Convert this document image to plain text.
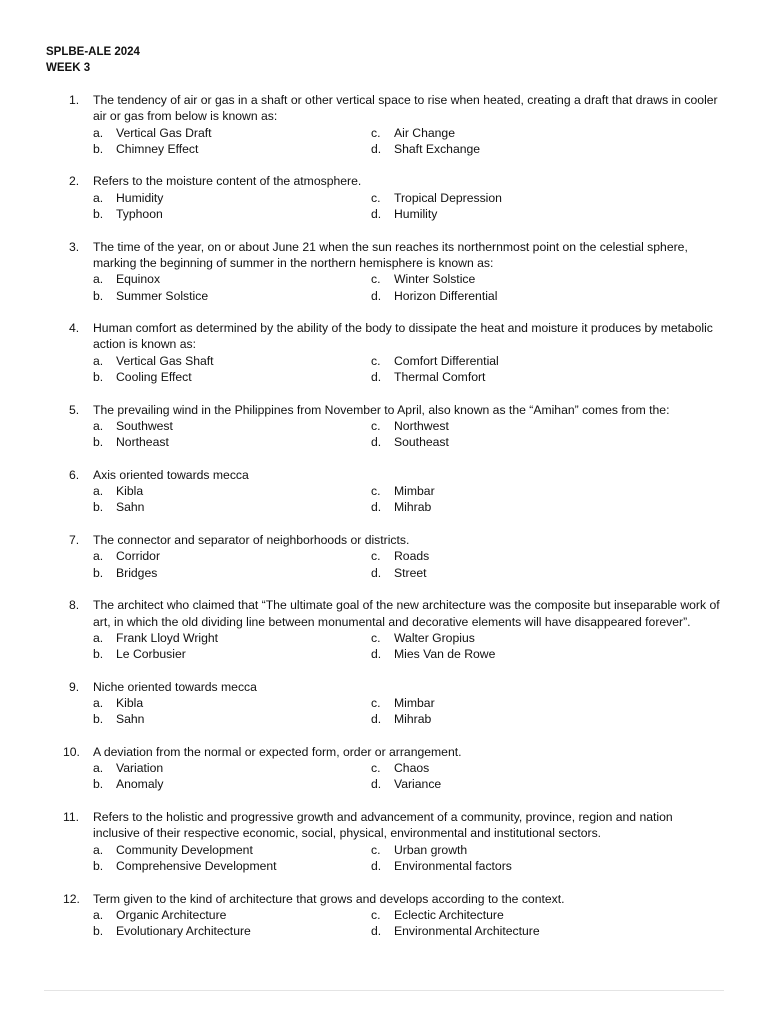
SPLBE-ALE 2024
WEEK 3
1. The tendency of air or gas in a shaft or other vertical space to rise when heated, creating a draft that draws in cooler air or gas from below is known as:
a. Vertical Gas Draft
b. Chimney Effect
c. Air Change
d. Shaft Exchange
2. Refers to the moisture content of the atmosphere.
a. Humidity
b. Typhoon
c. Tropical Depression
d. Humility
3. The time of the year, on or about June 21 when the sun reaches its northernmost point on the celestial sphere, marking the beginning of summer in the northern hemisphere is known as:
a. Equinox
b. Summer Solstice
c. Winter Solstice
d. Horizon Differential
4. Human comfort as determined by the ability of the body to dissipate the heat and moisture it produces by metabolic action is known as:
a. Vertical Gas Shaft
b. Cooling Effect
c. Comfort Differential
d. Thermal Comfort
5. The prevailing wind in the Philippines from November to April, also known as the “Amihan” comes from the:
a. Southwest
b. Northeast
c. Northwest
d. Southeast
6. Axis oriented towards mecca
a. Kibla
b. Sahn
c. Mimbar
d. Mihrab
7. The connector and separator of neighborhoods or districts.
a. Corridor
b. Bridges
c. Roads
d. Street
8. The architect who claimed that “The ultimate goal of the new architecture was the composite but inseparable work of art, in which the old dividing line between monumental and decorative elements will have disappeared forever”.
a. Frank Lloyd Wright
b. Le Corbusier
c. Walter Gropius
d. Mies Van de Rowe
9. Niche oriented towards mecca
a. Kibla
b. Sahn
c. Mimbar
d. Mihrab
10. A deviation from the normal or expected form, order or arrangement.
a. Variation
b. Anomaly
c. Chaos
d. Variance
11. Refers to the holistic and progressive growth and advancement of a community, province, region and nation inclusive of their respective economic, social, physical, environmental and institutional sectors.
a. Community Development
b. Comprehensive Development
c. Urban growth
d. Environmental factors
12. Term given to the kind of architecture that grows and develops according to the context.
a. Organic Architecture
b. Evolutionary Architecture
c. Eclectic Architecture
d. Environmental Architecture
